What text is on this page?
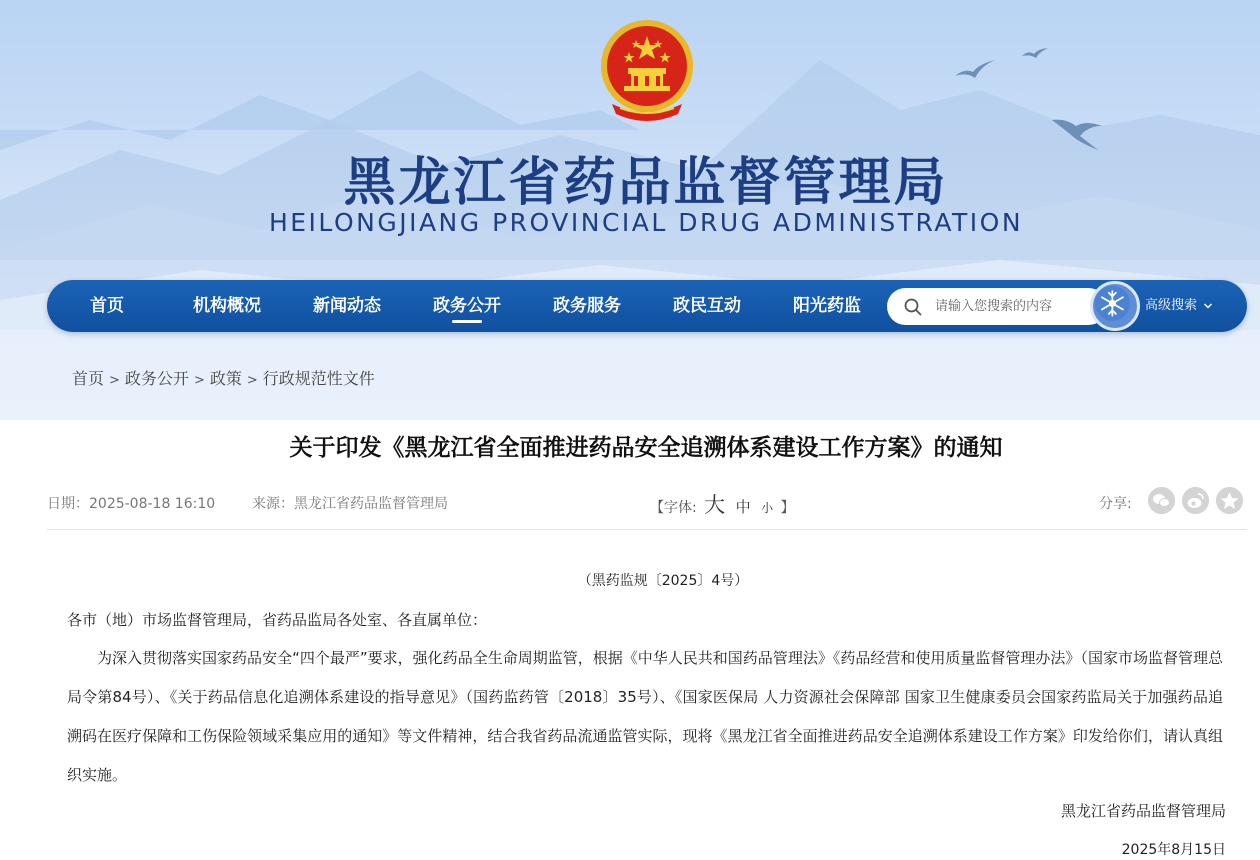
黑龙江省药品监督管理局
HEILONGJIANG PROVINCIAL DRUG ADMINISTRATION
首页	机构概况	新闻动态	政务公开	政务服务	政民互动	阳光药监
请输入您搜索的内容	高级搜索
首页 > 政务公开 > 政策 > 行政规范性文件
关于印发《黑龙江省全面推进药品安全追溯体系建设工作方案》的通知
日期：2025-08-18 16:10	来源：黑龙江省药品监督管理局	【字体: 大 中 小 】	分享:
（黑药监规〔2025〕4号）
各市（地）市场监督管理局，省药品监局各处室、各直属单位：
为深入贯彻落实国家药品安全“四个最严”要求，强化药品全生命周期监管，根据《中华人民共和国药品管理法》《药品经营和使用质量监督管理办法》（国家市场监督管理总局令第84号）、《关于药品信息化追溯体系建设的指导意见》（国药监药管〔2018〕35号）、《国家医保局 人力资源社会保障部 国家卫生健康委员会国家药监局关于加强药品追溯码在医疗保障和工伤保险领域采集应用的通知》等文件精神，结合我省药品流通监管实际，现将《黑龙江省全面推进药品安全追溯体系建设工作方案》印发给你们，请认真组织实施。
黑龙江省药品监督管理局
2025年8月15日
